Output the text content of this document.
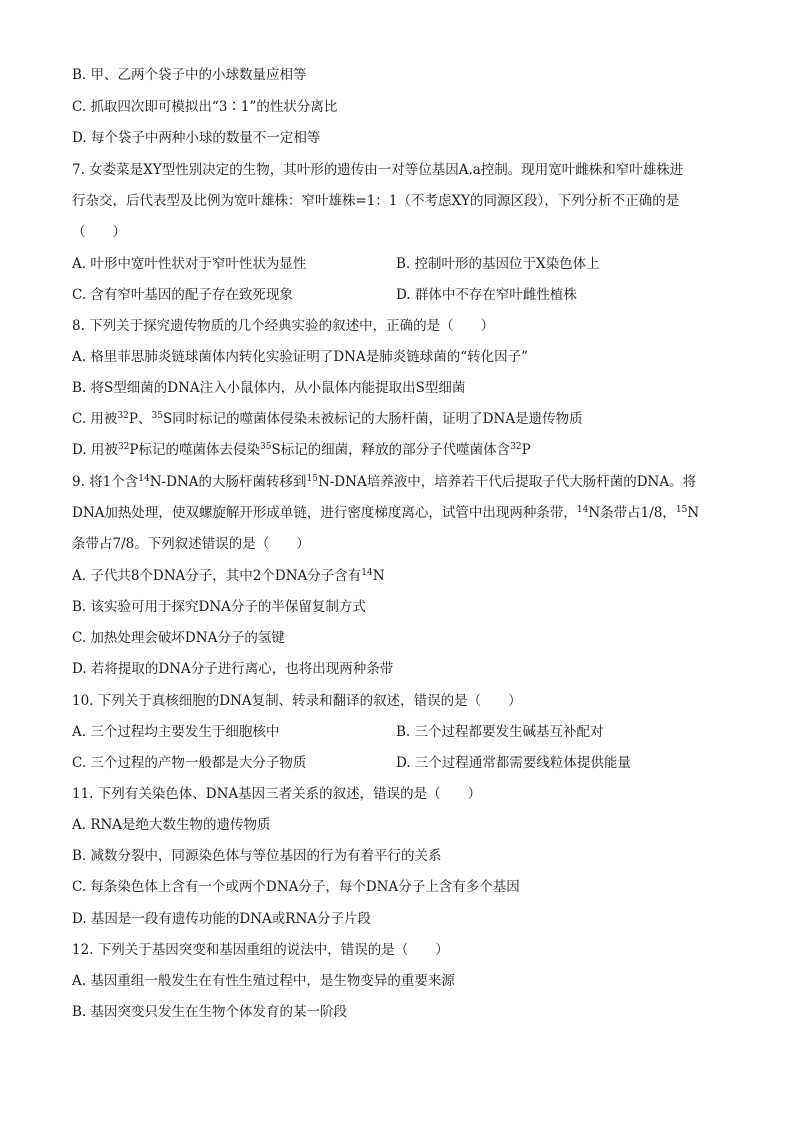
B. 甲、乙两个袋子中的小球数量应相等
C. 抓取四次即可模拟出“3∶1”的性状分离比
D. 每个袋子中两种小球的数量不一定相等
7. 女娄菜是XY型性别决定的生物，其叶形的遗传由一对等位基因A.a控制。现用宽叶雌株和窄叶雄株进
行杂交，后代表型及比例为宽叶雄株：窄叶雄株=1：1（不考虑XY的同源区段），下列分析不正确的是
（　　）
A. 叶形中宽叶性状对于窄叶性状为显性	B. 控制叶形的基因位于X染色体上
C. 含有窄叶基因的配子存在致死现象	D. 群体中不存在窄叶雌性植株
8. 下列关于探究遗传物质的几个经典实验的叙述中，正确的是（　　）
A. 格里菲思肺炎链球菌体内转化实验证明了DNA是肺炎链球菌的“转化因子”
B. 将S型细菌的DNA注入小鼠体内，从小鼠体内能提取出S型细菌
C. 用被$^{32}$P、$^{35}$S同时标记的噬菌体侵染未被标记的大肠杆菌，证明了DNA是遗传物质
D. 用被$^{32}$P标记的噬菌体去侵染$^{35}$S标记的细菌，释放的部分子代噬菌体含$^{32}$P
9. 将1个含$^{14}$N-DNA的大肠杆菌转移到$^{15}$N-DNA培养液中，培养若干代后提取子代大肠杆菌的DNA。将
DNA加热处理，使双螺旋解开形成单链，进行密度梯度离心，试管中出现两种条带，$^{14}$N条带占1/8，$^{15}$N
条带占7/8。下列叙述错误的是（　　）
A. 子代共8个DNA分子，其中2个DNA分子含有$^{14}$N
B. 该实验可用于探究DNA分子的半保留复制方式
C. 加热处理会破坏DNA分子的氢键
D. 若将提取的DNA分子进行离心，也将出现两种条带
10. 下列关于真核细胞的DNA复制、转录和翻译的叙述，错误的是（　　）
A. 三个过程均主要发生于细胞核中	B. 三个过程都要发生碱基互补配对
C. 三个过程的产物一般都是大分子物质	D. 三个过程通常都需要线粒体提供能量
11. 下列有关染色体、DNA基因三者关系的叙述，错误的是（　　）
A. RNA是绝大数生物的遗传物质
B. 减数分裂中，同源染色体与等位基因的行为有着平行的关系
C. 每条染色体上含有一个或两个DNA分子，每个DNA分子上含有多个基因
D. 基因是一段有遗传功能的DNA或RNA分子片段
12. 下列关于基因突变和基因重组的说法中，错误的是（　　）
A. 基因重组一般发生在有性生殖过程中，是生物变异的重要来源
B. 基因突变只发生在生物个体发育的某一阶段
